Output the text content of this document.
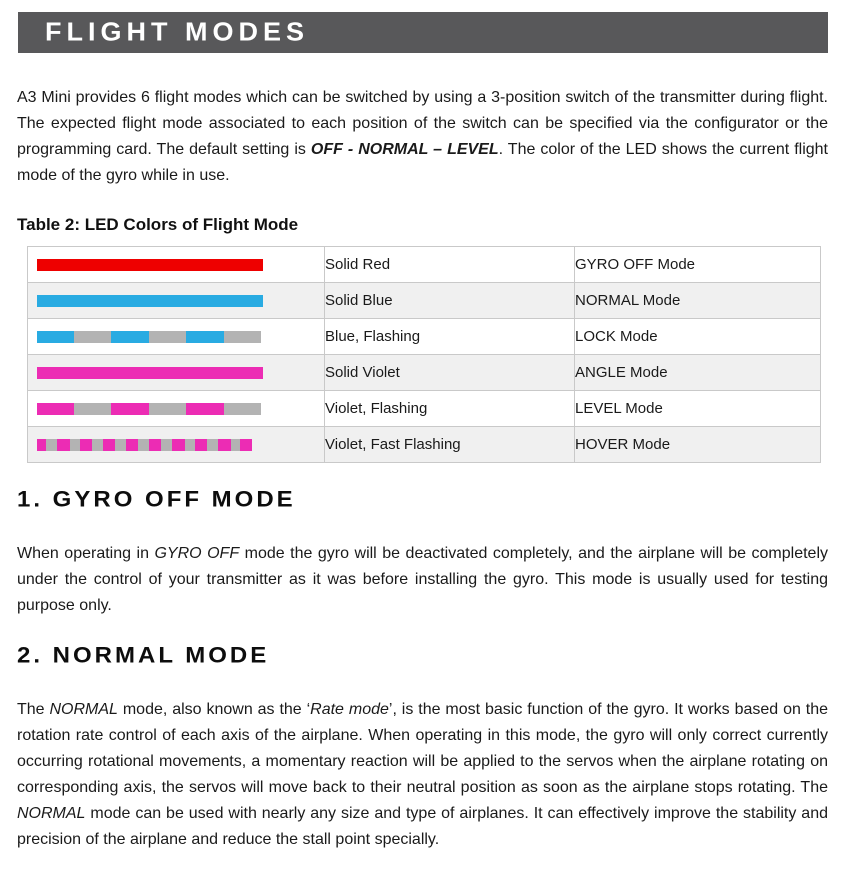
FLIGHT MODES

A3 Mini provides 6 flight modes which can be switched by using a 3-position switch of the transmitter during flight. The expected flight mode associated to each position of the switch can be specified via the configurator or the programming card. The default setting is OFF - NORMAL – LEVEL. The color of the LED shows the current flight mode of the gyro while in use.

Table 2: LED Colors of Flight Mode
	Solid Red	GYRO OFF Mode

	Solid Blue	NORMAL Mode

	Blue, Flashing	LOCK Mode

	Solid Violet	ANGLE Mode

	Violet, Flashing	LEVEL Mode

	Violet, Fast Flashing	HOVER Mode
1. GYRO OFF MODE

When operating in GYRO OFF mode the gyro will be deactivated completely, and the airplane will be completely under the control of your transmitter as it was before installing the gyro. This mode is usually used for testing purpose only.

2. NORMAL MODE

The NORMAL mode, also known as the ‘Rate mode’, is the most basic function of the gyro. It works based on the rotation rate control of each axis of the airplane. When operating in this mode, the gyro will only correct currently occurring rotational movements, a momentary reaction will be applied to the servos when the airplane rotating on corresponding axis, the servos will move back to their neutral position as soon as the airplane stops rotating. The NORMAL mode can be used with nearly any size and type of airplanes. It can effectively improve the stability and precision of the airplane and reduce the stall point specially.
